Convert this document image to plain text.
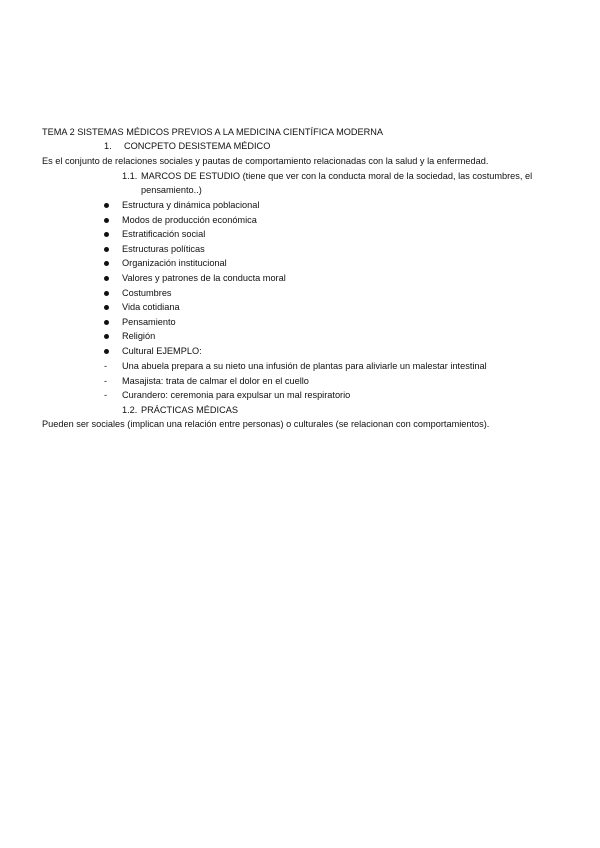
TEMA 2 SISTEMAS MÉDICOS PREVIOS A LA MEDICINA CIENTÍFICA MODERNA
1. CONCPETO DESISTEMA MÉDICO
Es el conjunto de relaciones sociales y pautas de comportamiento relacionadas con la salud y la enfermedad.
1.1. MARCOS DE ESTUDIO (tiene que ver con la conducta moral de la sociedad, las costumbres, el
pensamiento..)
Estructura y dinámica poblacional
Modos de producción económica
Estratificación social
Estructuras políticas
Organización institucional
Valores y patrones de la conducta moral
Costumbres
Vida cotidiana
Pensamiento
Religión
Cultural EJEMPLO:
- Una abuela prepara a su nieto una infusión de plantas para aliviarle un malestar intestinal
- Masajista: trata de calmar el dolor en el cuello
- Curandero: ceremonia para expulsar un mal respiratorio
1.2. PRÁCTICAS MÉDICAS
Pueden ser sociales (implican una relación entre personas) o culturales (se relacionan con comportamientos).
